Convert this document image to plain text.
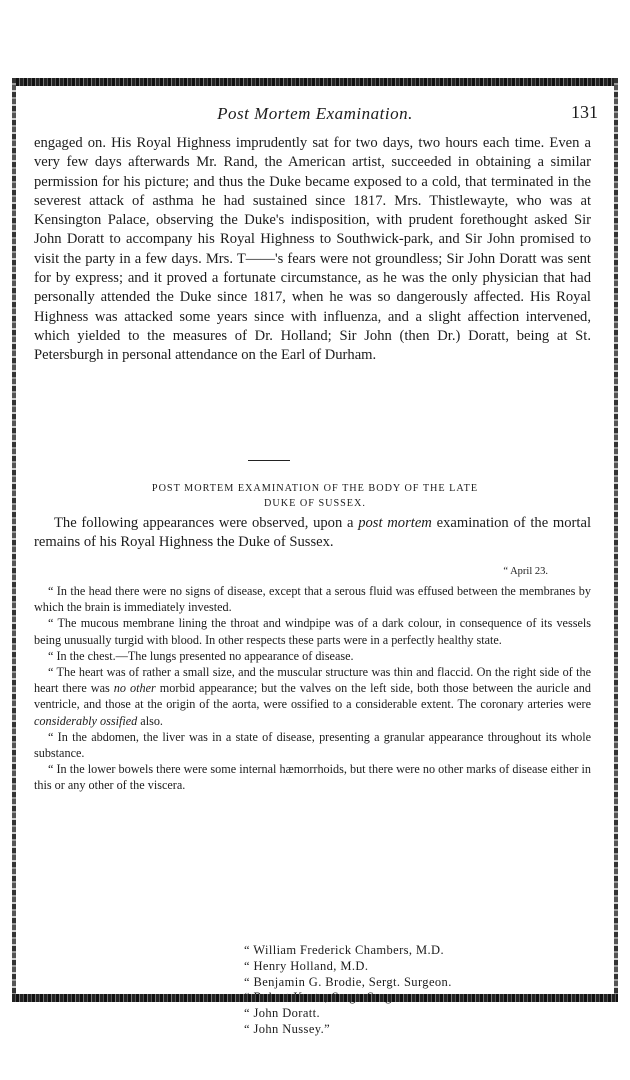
Post Mortem Examination.	131
engaged on. His Royal Highness imprudently sat for two days, two hours each time. Even a very few days afterwards Mr. Rand, the American artist, succeeded in obtaining a similar permission for his picture; and thus the Duke became exposed to a cold, that terminated in the severest attack of asthma he had sustained since 1817. Mrs. Thistlewayte, who was at Kensington Palace, observing the Duke's indisposition, with prudent forethought asked Sir John Doratt to accompany his Royal Highness to Southwick-park, and Sir John promised to visit the party in a few days. Mrs. T——'s fears were not groundless; Sir John Doratt was sent for by express; and it proved a fortunate circumstance, as he was the only physician that had personally attended the Duke since 1817, when he was so dangerously affected. His Royal Highness was attacked some years since with influenza, and a slight affection intervened, which yielded to the measures of Dr. Holland; Sir John (then Dr.) Doratt, being at St. Petersburgh in personal attendance on the Earl of Durham.
POST MORTEM EXAMINATION OF THE BODY OF THE LATE
DUKE OF SUSSEX.
The following appearances were observed, upon a post mortem examination of the mortal remains of his Royal Highness the Duke of Sussex.
“ April 23.

“ In the head there were no signs of disease, except that a serous fluid was effused between the membranes by which the brain is immediately invested.

“ The mucous membrane lining the throat and windpipe was of a dark colour, in consequence of its vessels being unusually turgid with blood. In other respects these parts were in a perfectly healthy state.

“ In the chest.—The lungs presented no appearance of disease.

“ The heart was of rather a small size, and the muscular structure was thin and flaccid. On the right side of the heart there was no other morbid appearance; but the valves on the left side, both those between the auricle and ventricle, and those at the origin of the aorta, were ossified to a considerable extent. The coronary arteries were considerably ossified also.

“ In the abdomen, the liver was in a state of disease, presenting a granular appearance throughout its whole substance.

“ In the lower bowels there were some internal hæmorrhoids, but there were no other marks of disease either in this or any other of the viscera.

“ William Frederick Chambers, M.D.
“ Henry Holland, M.D.
“ Benjamin G. Brodie, Sergt. Surgeon.
“ John Doratt.
“ John Nussey.”
